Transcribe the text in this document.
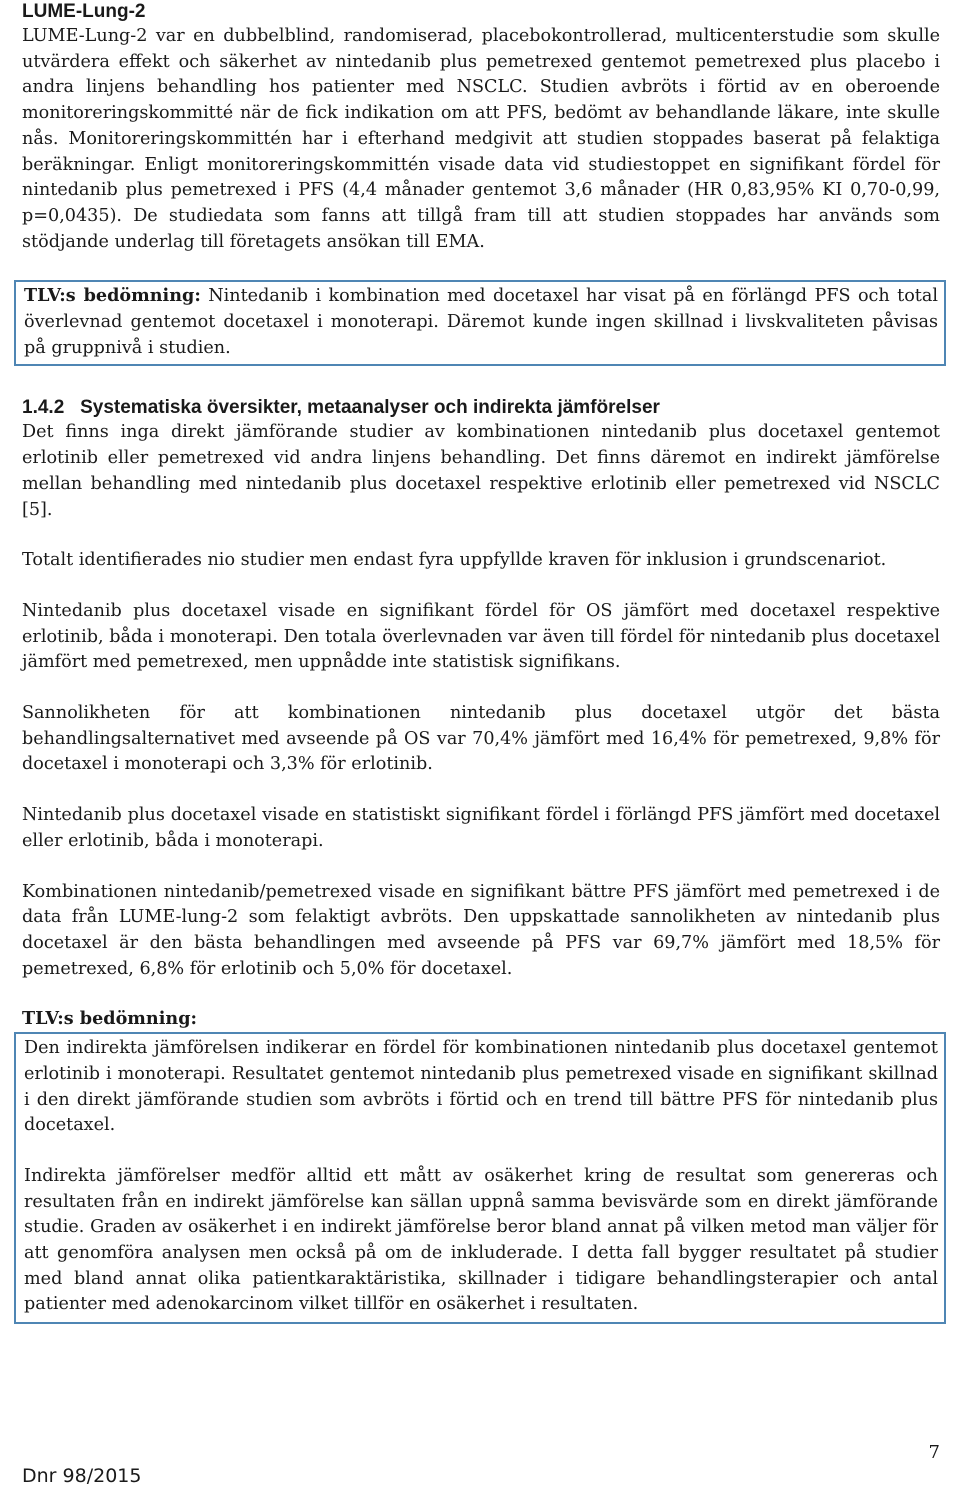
LUME-Lung-2

LUME-Lung-2 var en dubbelblind, randomiserad, placebokontrollerad, multicenterstudie som skulle utvärdera effekt och säkerhet av nintedanib plus pemetrexed gentemot pemetrexed plus placebo i andra linjens behandling hos patienter med NSCLC. Studien avbröts i förtid av en oberoende monitoreringskommitté när de fick indikation om att PFS, bedömt av behandlande läkare, inte skulle nås. Monitoreringskommittén har i efterhand medgivit att studien stoppades baserat på felaktiga beräkningar. Enligt monitoreringskommittén visade data vid studiestoppet en signifikant fördel för nintedanib plus pemetrexed i PFS (4,4 månader gentemot 3,6 månader (HR 0,83,95% KI 0,70-0,99, p=0,0435). De studiedata som fanns att tillgå fram till att studien stoppades har används som stödjande underlag till företagets ansökan till EMA.

TLV:s bedömning: Nintedanib i kombination med docetaxel har visat på en förlängd PFS och total överlevnad gentemot docetaxel i monoterapi. Däremot kunde ingen skillnad i livskvaliteten påvisas på gruppnivå i studien.

1.4.2   Systematiska översikter, metaanalyser och indirekta jämförelser

Det finns inga direkt jämförande studier av kombinationen nintedanib plus docetaxel gentemot erlotinib eller pemetrexed vid andra linjens behandling. Det finns däremot en indirekt jämförelse mellan behandling med nintedanib plus docetaxel respektive erlotinib eller pemetrexed vid NSCLC [5].

Totalt identifierades nio studier men endast fyra uppfyllde kraven för inklusion i grundscenariot.

Nintedanib plus docetaxel visade en signifikant fördel för OS jämfört med docetaxel respektive erlotinib, båda i monoterapi. Den totala överlevnaden var även till fördel för nintedanib plus docetaxel jämfört med pemetrexed, men uppnådde inte statistisk signifikans.

Sannolikheten för att kombinationen nintedanib plus docetaxel utgör det bästa behandlingsalternativet med avseende på OS var 70,4% jämfört med 16,4% för pemetrexed, 9,8% för docetaxel i monoterapi och 3,3% för erlotinib.

Nintedanib plus docetaxel visade en statistiskt signifikant fördel i förlängd PFS jämfört med docetaxel eller erlotinib, båda i monoterapi.

Kombinationen nintedanib/pemetrexed visade en signifikant bättre PFS jämfört med pemetrexed i de data från LUME-lung-2 som felaktigt avbröts. Den uppskattade sannolikheten av nintedanib plus docetaxel är den bästa behandlingen med avseende på PFS var 69,7% jämfört med 18,5% för pemetrexed, 6,8% för erlotinib och 5,0% för docetaxel.

TLV:s bedömning:

Den indirekta jämförelsen indikerar en fördel för kombinationen nintedanib plus docetaxel gentemot erlotinib i monoterapi. Resultatet gentemot nintedanib plus pemetrexed visade en signifikant skillnad i den direkt jämförande studien som avbröts i förtid och en trend till bättre PFS för nintedanib plus docetaxel.

Indirekta jämförelser medför alltid ett mått av osäkerhet kring de resultat som genereras och resultaten från en indirekt jämförelse kan sällan uppnå samma bevisvärde som en direkt jämförande studie. Graden av osäkerhet i en indirekt jämförelse beror bland annat på vilken metod man väljer för att genomföra analysen men också på om de inkluderade. I detta fall bygger resultatet på studier med bland annat olika patientkaraktäristika, skillnader i tidigare behandlingsterapier och antal patienter med adenokarcinom vilket tillför en osäkerhet i resultaten.

7
Dnr 98/2015
